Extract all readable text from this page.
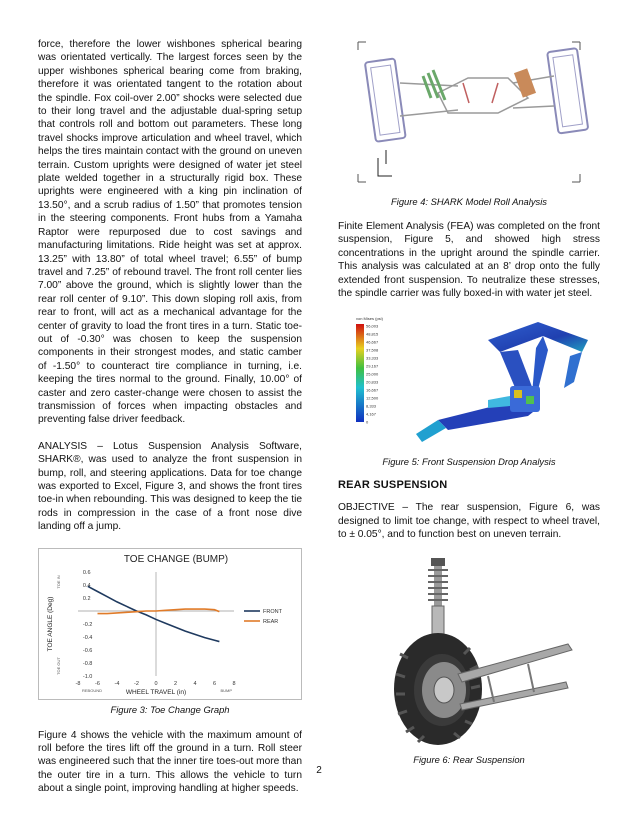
force, therefore the lower wishbones spherical bearing was orientated vertically. The largest forces seen by the upper wishbones spherical bearing come from braking, therefore it was orientated tangent to the rotation about the spindle. Fox coil-over 2.00” shocks were selected due to their long travel and the adjustable dual-spring setup that controls roll and bottom out parameters. These long travel shocks improve articulation and wheel travel, which helps the tires maintain contact with the ground on uneven terrain. Custom uprights were designed of water jet steel plate welded together in a structurally rigid box. These uprights were engineered with a king pin inclination of 13.50°, and a scrub radius of 1.50” that promotes tension in the steering components. Front hubs from a Yamaha Raptor were repurposed due to cost savings and manufacturing limitations. Ride height was set at approx. 13.25” with 13.80” of total wheel travel; 6.55” of bump travel and 7.25” of rebound travel. The front roll center lies 7.00” above the ground, which is slightly lower than the rear roll center of 9.10”. This down sloping roll axis, from rear to front, will act as a mechanical advantage for the center of gravity to load the front tires in a turn. Static toe-out of -0.30° was chosen to keep the suspension components in their strongest modes, and static camber of -1.50° to counteract tire compliance in turning, i.e. keeping the tires normal to the ground. Finally, 10.00° of caster and zero caster-change were chosen to assist the transmission of forces when impacting obstacles and preventing false driver feedback.

ANALYSIS – Lotus Suspension Analysis Software, SHARK®, was used to analyze the front suspension in bump, roll, and steering applications. Data for toe change was exported to Excel, Figure 3, and shows the front tires toe-in when rebounding. This was designed to keep the tie rods in compression in the case of a front nose dive landing off a jump.

TOE CHANGE (BUMP)
-8	-6	-4	-2	0	2	4	6	8
0.6
0.4
0.2
-0.2
-0.4
-0.6
-0.8
-1.0
WHEEL TRAVEL (in)
REBOUND	BUMP
TOE ANGLE (Deg)
TOE IN
TOE OUT
FRONT
REAR
Figure 3: Toe Change Graph

Figure 4 shows the vehicle with the maximum amount of roll before the tires lift off the ground in a turn. Roll steer was engineered such that the inner tire toes-out more than the outer tire in a turn. This allows the vehicle to turn about a single point, improving handling at higher speeds.

Figure 4: SHARK Model Roll Analysis

Finite Element Analysis (FEA) was completed on the front suspension, Figure 5, and showed high stress concentrations in the upright around the spindle carrier. This analysis was calculated at an 8’ drop onto the fully extended front suspension. To neutralize these stresses, the spindle carrier was fully boxed-in with water jet steel.

von Mises (psi)
56,003
48,815
46,667
37,508
33,333
29,167
25,000
20,833
16,667
12,500
8,333
4,167
0
Figure 5: Front Suspension Drop Analysis
REAR SUSPENSION

OBJECTIVE – The rear suspension, Figure 6, was designed to limit toe change, with respect to wheel travel, to ± 0.05°, and to function best on uneven terrain.

Figure 6: Rear Suspension
2
